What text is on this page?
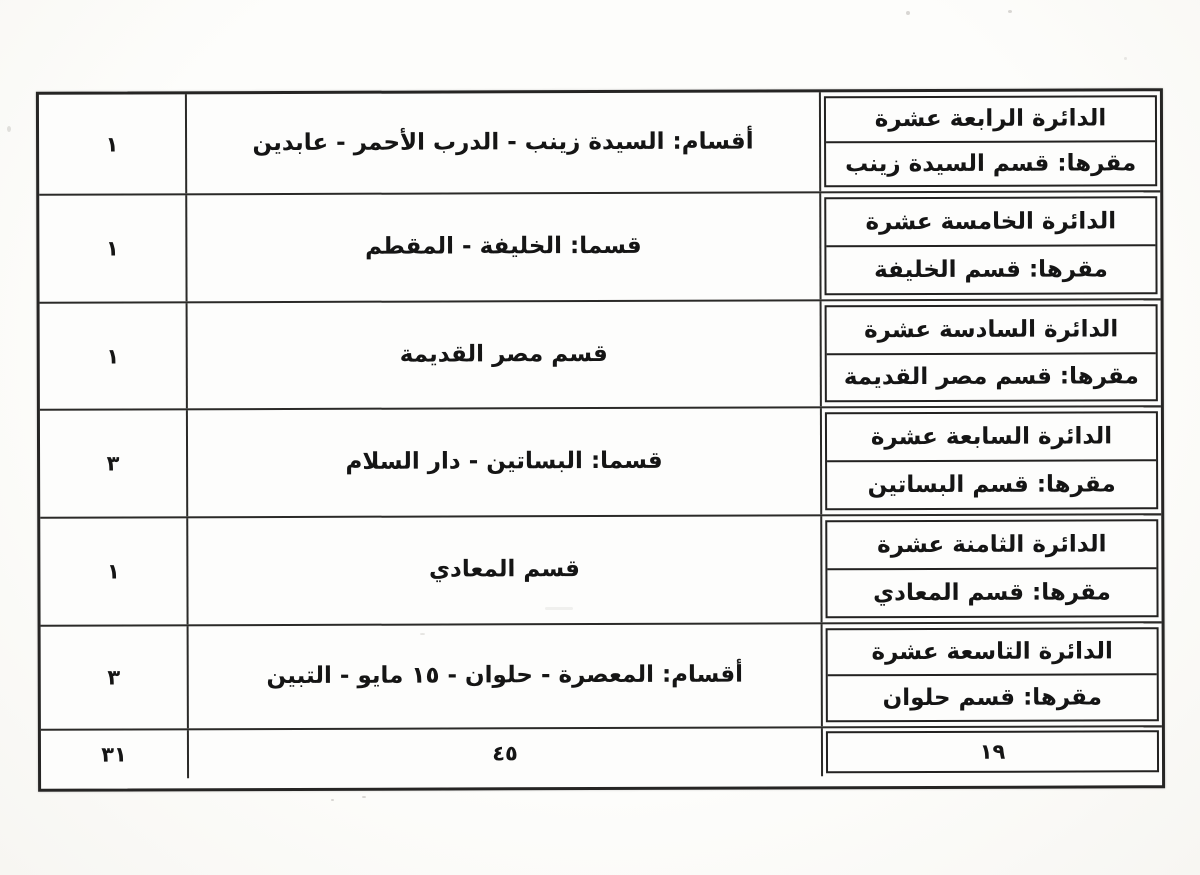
الدائرة الرابعة عشرة
مقرها: قسم السيدة زينب
أقسام: السيدة زينب - الدرب الأحمر - عابدين
١
الدائرة الخامسة عشرة
مقرها: قسم الخليفة
قسما: الخليفة - المقطم
١
الدائرة السادسة عشرة
مقرها: قسم مصر القديمة
قسم مصر القديمة
١
الدائرة السابعة عشرة
مقرها: قسم البساتين
قسما: البساتين - دار السلام
٣
الدائرة الثامنة عشرة
مقرها: قسم المعادي
قسم المعادي
١
الدائرة التاسعة عشرة
مقرها: قسم حلوان
أقسام: المعصرة - حلوان - ١٥ مايو - التبين
٣
١٩
٤٥
٣١
